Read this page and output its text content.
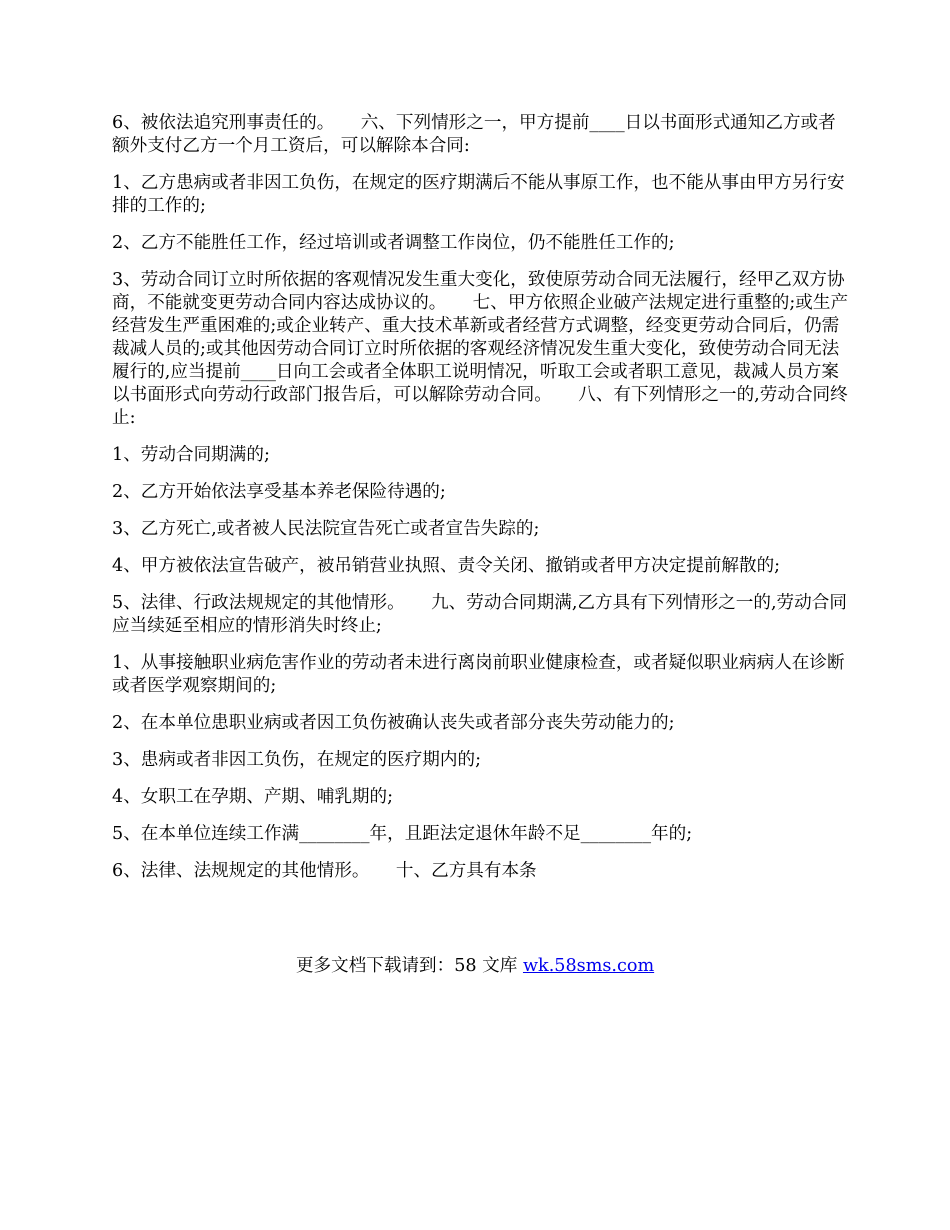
6、被依法追究刑事责任的。　　六、下列情形之一，甲方提前____日以书面形式通知乙方或者额外支付乙方一个月工资后，可以解除本合同:

1、乙方患病或者非因工负伤，在规定的医疗期满后不能从事原工作，也不能从事由甲方另行安排的工作的;

2、乙方不能胜任工作，经过培训或者调整工作岗位，仍不能胜任工作的;

3、劳动合同订立时所依据的客观情况发生重大变化，致使原劳动合同无法履行，经甲乙双方协商，不能就变更劳动合同内容达成协议的。　　七、甲方依照企业破产法规定进行重整的;或生产经营发生严重困难的;或企业转产、重大技术革新或者经营方式调整，经变更劳动合同后，仍需裁减人员的;或其他因劳动合同订立时所依据的客观经济情况发生重大变化，致使劳动合同无法履行的,应当提前____日向工会或者全体职工说明情况，听取工会或者职工意见，裁减人员方案以书面形式向劳动行政部门报告后，可以解除劳动合同。　　八、有下列情形之一的,劳动合同终止:

1、劳动合同期满的;

2、乙方开始依法享受基本养老保险待遇的;

3、乙方死亡,或者被人民法院宣告死亡或者宣告失踪的;

4、甲方被依法宣告破产，被吊销营业执照、责令关闭、撤销或者甲方决定提前解散的;

5、法律、行政法规规定的其他情形。　　九、劳动合同期满,乙方具有下列情形之一的,劳动合同应当续延至相应的情形消失时终止;

1、从事接触职业病危害作业的劳动者未进行离岗前职业健康检查，或者疑似职业病病人在诊断或者医学观察期间的;

2、在本单位患职业病或者因工负伤被确认丧失或者部分丧失劳动能力的;

3、患病或者非因工负伤，在规定的医疗期内的;

4、女职工在孕期、产期、哺乳期的;

5、在本单位连续工作满________年，且距法定退休年龄不足________年的;

6、法律、法规规定的其他情形。　　十、乙方具有本条

更多文档下载请到：58 文库 wk.58sms.com
